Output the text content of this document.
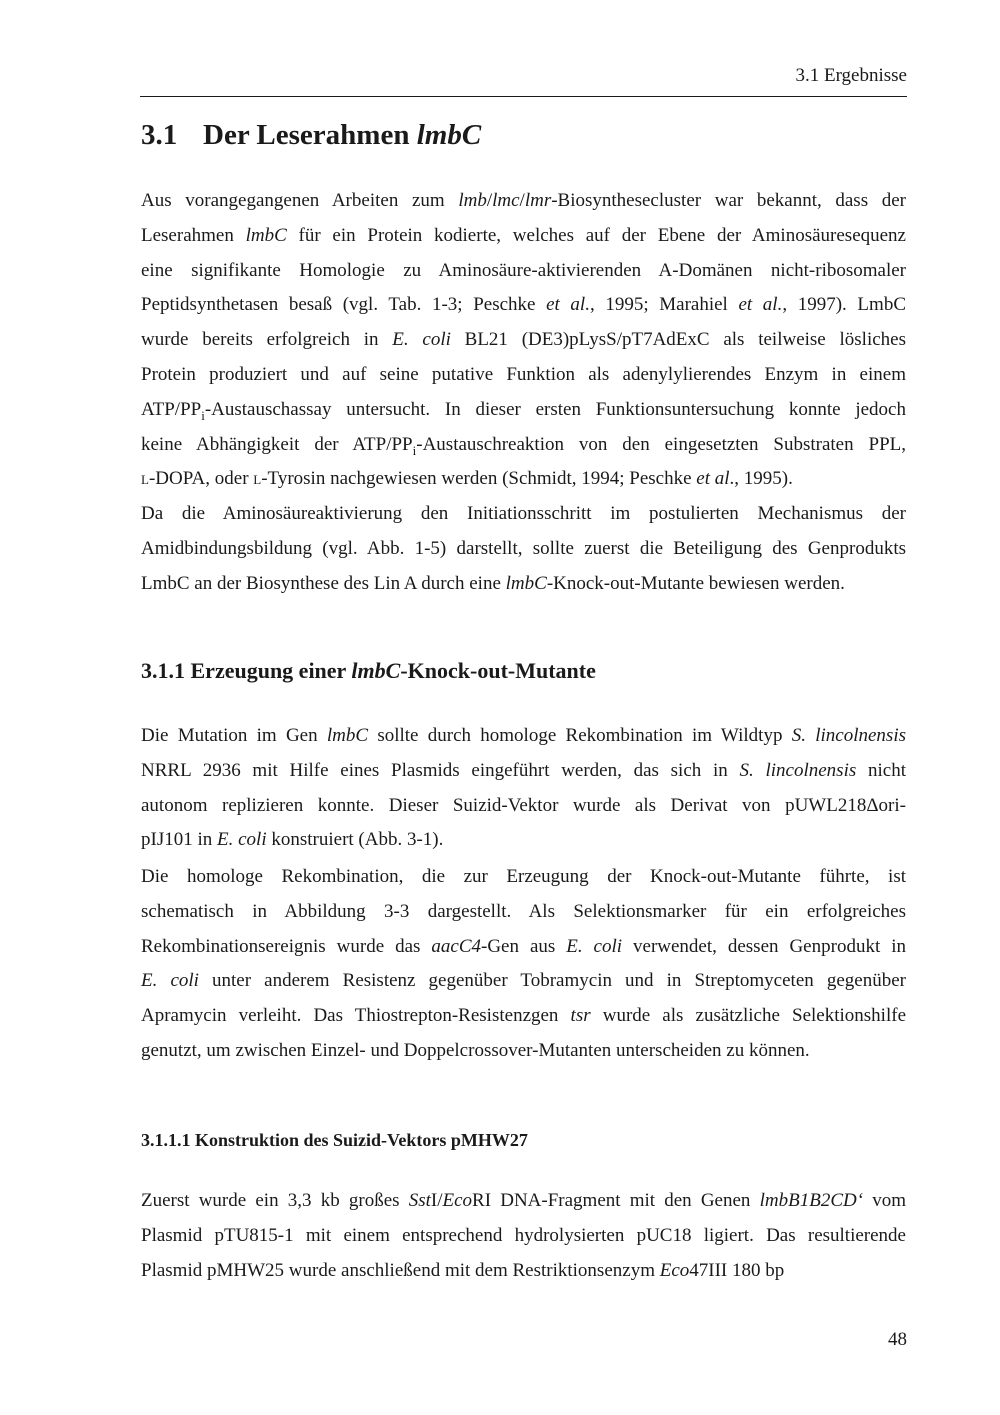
3.1 Ergebnisse
3.1 Der Leserahmen lmbC
Aus vorangegangenen Arbeiten zum lmb/lmc/lmr-Biosynthesecluster war bekannt, dass der
Leserahmen lmbC für ein Protein kodierte, welches auf der Ebene der Aminosäuresequenz
eine signifikante Homologie zu Aminosäure-aktivierenden A-Domänen nicht-ribosomaler
Peptidsynthetasen besaß (vgl. Tab. 1-3; Peschke et al., 1995; Marahiel et al., 1997). LmbC
wurde bereits erfolgreich in E. coli BL21 (DE3)pLysS/pT7AdExC als teilweise lösliches
Protein produziert und auf seine putative Funktion als adenylylierendes Enzym in einem
ATP/$PP_i$-Austauschassay untersucht. In dieser ersten Funktionsuntersuchung konnte jedoch
keine Abhängigkeit der ATP/$PP_i$-Austauschreaktion von den eingesetzten Substraten PPL,
l-DOPA, oder l-Tyrosin nachgewiesen werden (Schmidt, 1994; Peschke et al., 1995).
Da die Aminosäureaktivierung den Initiationsschritt im postulierten Mechanismus der
Amidbindungsbildung (vgl. Abb. 1-5) darstellt, sollte zuerst die Beteiligung des Genprodukts
LmbC an der Biosynthese des Lin A durch eine lmbC-Knock-out-Mutante bewiesen werden.
3.1.1 Erzeugung einer lmbC-Knock-out-Mutante
Die Mutation im Gen lmbC sollte durch homologe Rekombination im Wildtyp S. lincolnensis
NRRL 2936 mit Hilfe eines Plasmids eingeführt werden, das sich in S. lincolnensis nicht
autonom replizieren konnte. Dieser Suizid-Vektor wurde als Derivat von pUWL218Δori-
pIJ101 in E. coli konstruiert (Abb. 3-1).
Die homologe Rekombination, die zur Erzeugung der Knock-out-Mutante führte, ist
schematisch in Abbildung 3-3 dargestellt. Als Selektionsmarker für ein erfolgreiches
Rekombinationsereignis wurde das aacC4-Gen aus E. coli verwendet, dessen Genprodukt in
E. coli unter anderem Resistenz gegenüber Tobramycin und in Streptomyceten gegenüber
Apramycin verleiht. Das Thiostrepton-Resistenzgen tsr wurde als zusätzliche Selektionshilfe
genutzt, um zwischen Einzel- und Doppelcrossover-Mutanten unterscheiden zu können.
3.1.1.1 Konstruktion des Suizid-Vektors pMHW27
Zuerst wurde ein 3,3 kb großes SstI/EcoRI DNA-Fragment mit den Genen lmbB1B2CD‘ vom
Plasmid pTU815-1 mit einem entsprechend hydrolysierten pUC18 ligiert. Das resultierende
Plasmid pMHW25 wurde anschließend mit dem Restriktionsenzym Eco47III 180 bp
48
